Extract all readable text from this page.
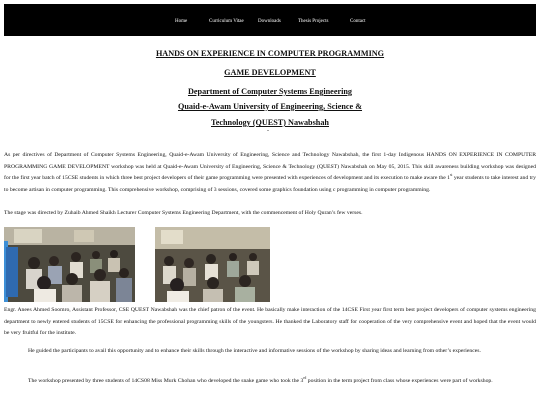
Home	Curriculum Vitae	Downloads	Thesis Projects	Contact
HANDS ON EXPERIENCE IN COMPUTER PROGRAMMING
GAME DEVELOPMENT
Department of Computer Systems Engineering
Quaid-e-Awam University of Engineering, Science &
Technology (QUEST) Nawabshah
-

As per directives of Department of Computer Systems Engineering, Quaid-e-Awam University of Engineering, Science and Technology Nawabshah, the first 1-day Indigenous HANDS ON EXPERIENCE IN COMPUTER PROGRAMMING GAME DEVELOPMENT workshop was held at Quaid-e-Awam University of Engineering, Science & Technology (QUEST) Nawabshah on May 05, 2015. This skill awareness building workshop was designed for the first year batch of 15CSE students in which three best project developers of their game programming were presented with experiences of development and its execution to make aware the 1st year students to take interest and try to become artisan in computer programming. This comprehensive workshop, comprising of 3 sessions, covered some graphics foundation using c programming in computer programming.

The stage was directed by Zuhaib Ahmed Shaikh Lecturer Computer Systems Engineering Department, with the commencement of Holy Quran’s few verses.

Engr. Anees Ahmed Soomro, Assistant Professor, CSE QUEST Nawabshah was the chief patron of the event. He basically make interaction of the 14CSE First year first term best project developers of computer systems engineering department to newly entered students of 15CSE for enhancing the professional programming skills of the youngsters. He thanked the Laboratory staff for cooperation of the very comprehensive event and hoped that the event would be very fruitful for the institute.

He guided the participants to avail this opportunity and to enhance their skills through the interactive and informative sessions of the workshop by sharing ideas and learning from other’s experiences.

The workshop presented by three students of 14CS08 Miss Murk Chohan who developed the snake game who took the 3rd position in the term project from class whose experiences were part of workshop.
